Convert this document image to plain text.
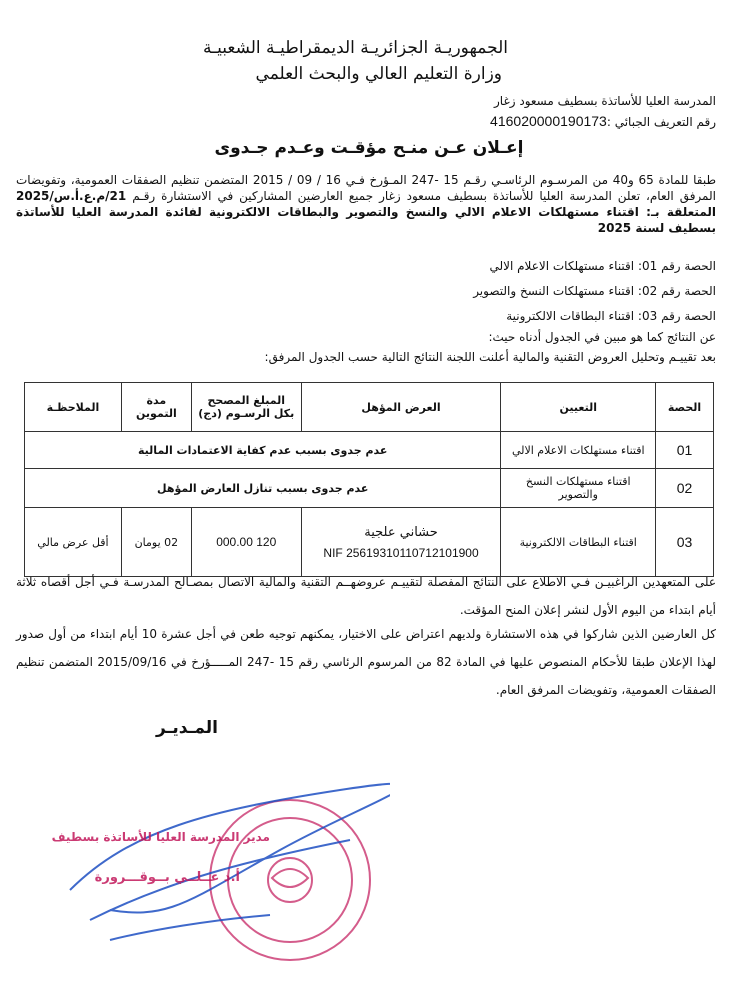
الجمهوريـة الجزائريـة الديمقراطيـة الشعبيـة
وزارة التعليم العالي والبحث العلمي
المدرسة العليا للأساتذة بسطيف مسعود زغار
رقم التعريف الجبائي :416020000190173
إعـلان عـن منـح مؤقـت وعـدم جـدوى
طبقا للمادة 65 و40 من المرسـوم الرئاسـي رقـم 15 -247 المـؤرخ فـي 16 / 09 / 2015 المتضمن تنظيم الصفقات العمومية، وتفويضات المرفق العام، تعلن المدرسة العليا للأساتذة بسطيف مسعود زغار جميع العارضين المشاركين في الاستشارة رقـم 21/م.ع.أ.س/2025 المتعلقة بـ: اقتناء مستهلكات الاعلام الالي والنسخ والتصوير والبطاقات الالكترونية لفائدة المدرسة العليا للأساتذة بسطيف لسنة 2025
الحصة رقم 01: اقتناء مستهلكات الاعلام الالي
الحصة رقم 02: اقتناء مستهلكات النسخ والتصوير
الحصة رقم 03: اقتناء البطاقات الالكترونية
عن النتائج كما هو مبين في الجدول أدناه حيث:
بعد تقييـم وتحليل العروض التقنية والمالية أعلنت اللجنة النتائج التالية حسب الجدول المرفق:
الحصة	التعيين	العرض المؤهل	المبلغ المصحح بكل الرسـوم (دج)	مدة التموين	الملاحظـة
01	اقتناء مستهلكات الاعلام الالي	عدم جدوى بسبب عدم كفاية الاعتمادات المالية			
02	اقتناء مستهلكات النسخ والتصوير	عدم جدوى بسبب تنازل العارض المؤهل			
03	اقتناء البطاقات الالكترونية	حشاني علجية
NIF 25619310110712101900	120 000.00	02 يومان	أقل عرض مالي
على المتعهدين الراغبيـن فـي الاطلاع على النتائج المفصلة لتقييـم عروضهــم التقنية والمالية الاتصال بمصـالح المدرسـة فـي أجل أقصاه ثلاثة أيام ابتداء من اليوم الأول لنشر إعلان المنح المؤقت.
كل العارضين الذين شاركوا في هذه الاستشارة ولديهم اعتراض على الاختيار، يمكنهم توجيه طعن في أجل عشرة 10 أيام ابتداء من أول صدور لهذا الإعلان طبقا للأحكام المنصوص عليها في المادة 82 من المرسوم الرئاسي رقم 15 -247 المـــــؤرخ في 2015/09/16 المتضمن تنظيم الصفقات العمومية، وتفويضات المرفق العام.
المـديـر
مدير المدرسة العليا للأساتذة بسطيف
أ.د عــلــي بــوقـــرورة
